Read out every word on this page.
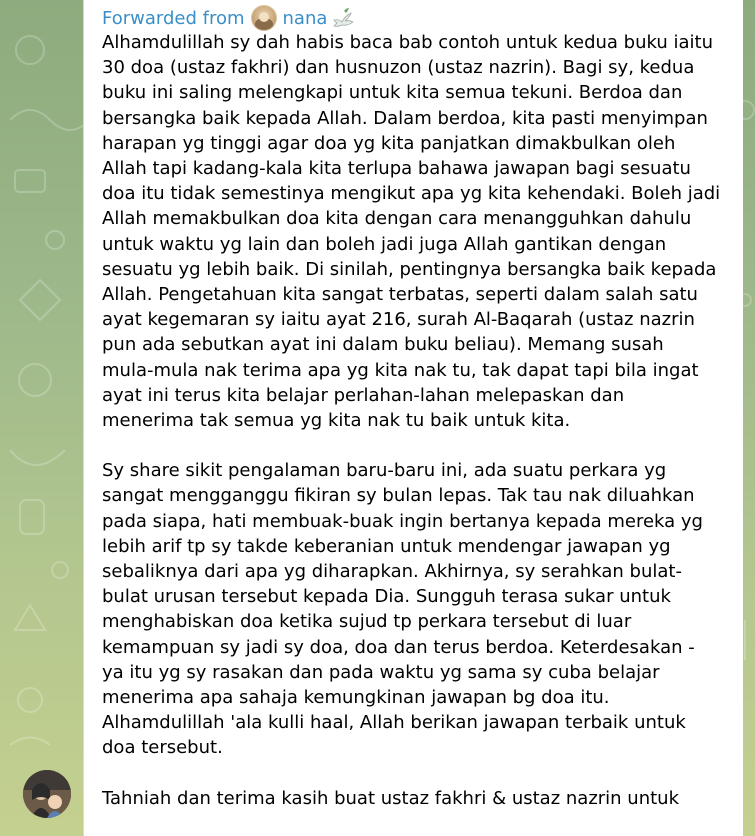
Forwarded from nana

Alhamdulillah sy dah habis baca bab contoh untuk kedua buku iaitu
30 doa (ustaz fakhri) dan husnuzon (ustaz nazrin). Bagi sy, kedua
buku ini saling melengkapi untuk kita semua tekuni. Berdoa dan
bersangka baik kepada Allah. Dalam berdoa, kita pasti menyimpan
harapan yg tinggi agar doa yg kita panjatkan dimakbulkan oleh
Allah tapi kadang-kala kita terlupa bahawa jawapan bagi sesuatu
doa itu tidak semestinya mengikut apa yg kita kehendaki. Boleh jadi
Allah memakbulkan doa kita dengan cara menangguhkan dahulu
untuk waktu yg lain dan boleh jadi juga Allah gantikan dengan
sesuatu yg lebih baik. Di sinilah, pentingnya bersangka baik kepada
Allah. Pengetahuan kita sangat terbatas, seperti dalam salah satu
ayat kegemaran sy iaitu ayat 216, surah Al-Baqarah (ustaz nazrin
pun ada sebutkan ayat ini dalam buku beliau). Memang susah
mula-mula nak terima apa yg kita nak tu, tak dapat tapi bila ingat
ayat ini terus kita belajar perlahan-lahan melepaskan dan
menerima tak semua yg kita nak tu baik untuk kita.

Sy share sikit pengalaman baru-baru ini, ada suatu perkara yg
sangat mengganggu fikiran sy bulan lepas. Tak tau nak diluahkan
pada siapa, hati membuak-buak ingin bertanya kepada mereka yg
lebih arif tp sy takde keberanian untuk mendengar jawapan yg
sebaliknya dari apa yg diharapkan. Akhirnya, sy serahkan bulat-
bulat urusan tersebut kepada Dia. Sungguh terasa sukar untuk
menghabiskan doa ketika sujud tp perkara tersebut di luar
kemampuan sy jadi sy doa, doa dan terus berdoa. Keterdesakan -
ya itu yg sy rasakan dan pada waktu yg sama sy cuba belajar
menerima apa sahaja kemungkinan jawapan bg doa itu.
Alhamdulillah 'ala kulli haal, Allah berikan jawapan terbaik untuk
doa tersebut.

Tahniah dan terima kasih buat ustaz fakhri & ustaz nazrin untuk
